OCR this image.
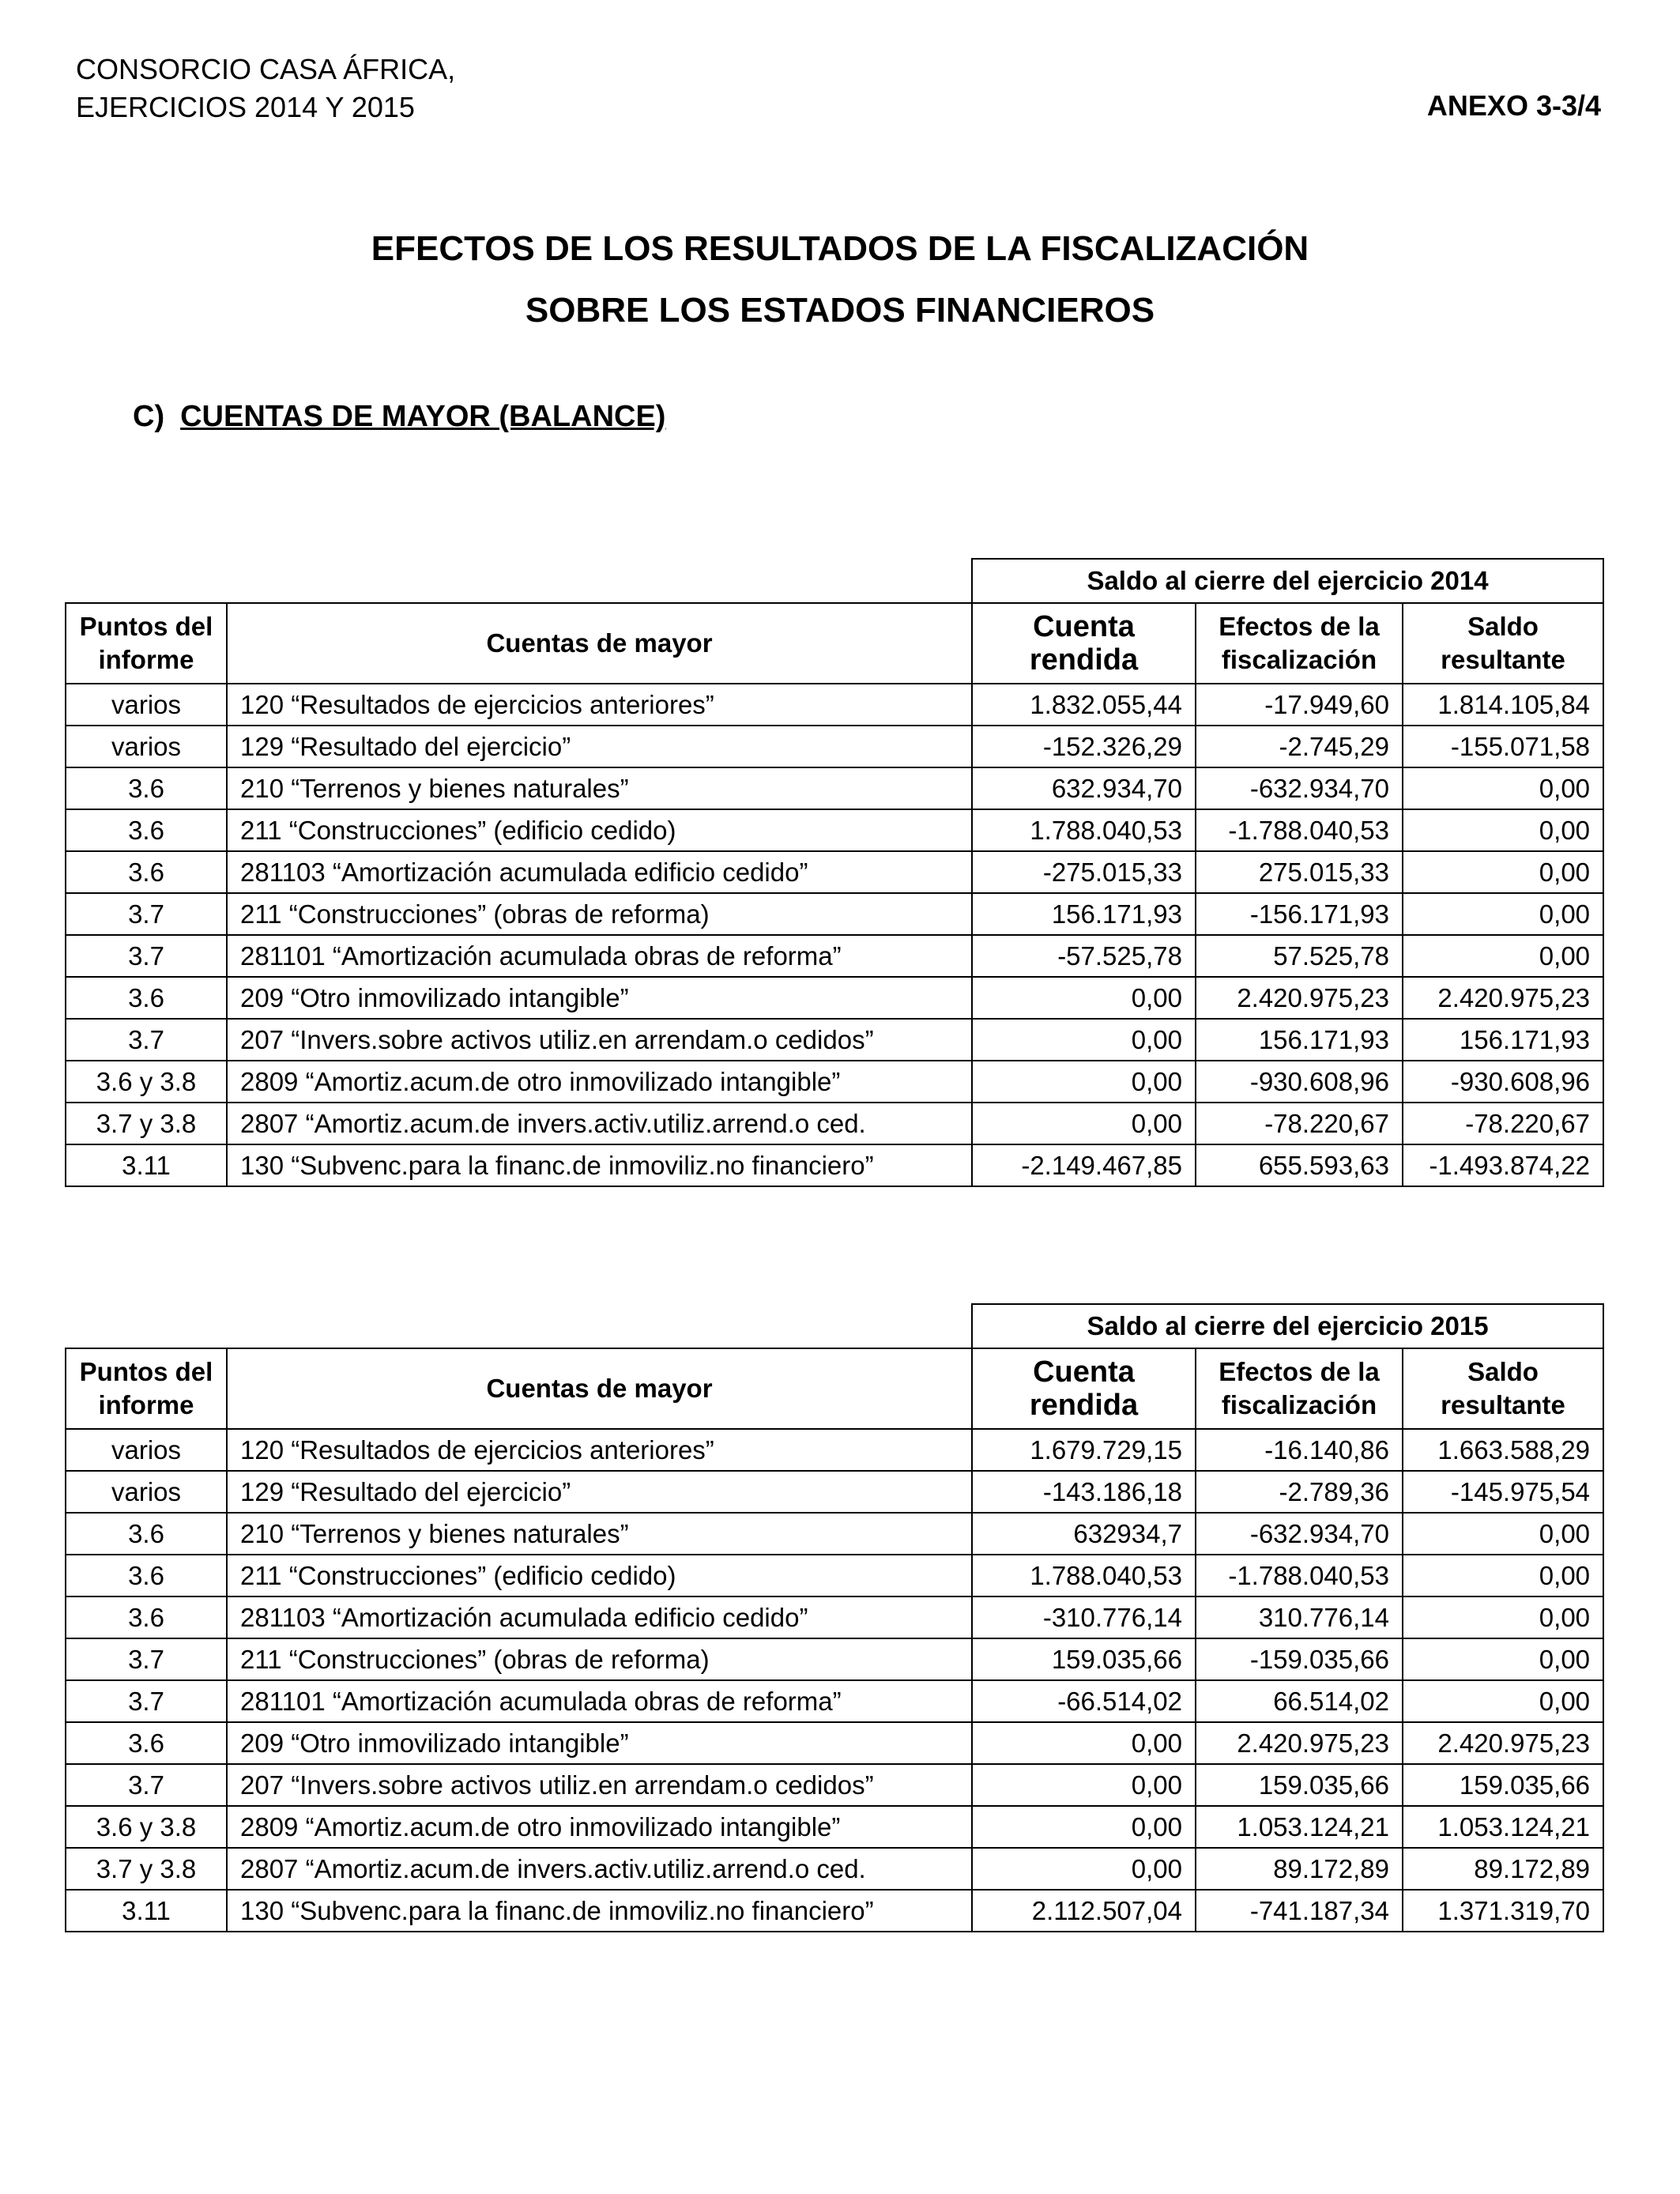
CONSORCIO CASA ÁFRICA,
EJERCICIOS 2014 Y 2015	ANEXO 3-3/4
EFECTOS DE LOS RESULTADOS DE LA FISCALIZACIÓN
SOBRE LOS ESTADOS FINANCIEROS
C) CUENTAS DE MAYOR (BALANCE)
		Saldo al cierre del ejercicio 2014		
Puntos del informe	Cuentas de mayor	Cuenta rendida	Efectos de la fiscalización	Saldo resultante
varios	120 “Resultados de ejercicios anteriores”	1.832.055,44	-17.949,60	1.814.105,84
varios	129 “Resultado del ejercicio”	-152.326,29	-2.745,29	-155.071,58
3.6	210 “Terrenos y bienes naturales”	632.934,70	-632.934,70	0,00
3.6	211 “Construcciones” (edificio cedido)	1.788.040,53	-1.788.040,53	0,00
3.6	281103 “Amortización acumulada edificio cedido”	-275.015,33	275.015,33	0,00
3.7	211 “Construcciones” (obras de reforma)	156.171,93	-156.171,93	0,00
3.7	281101 “Amortización acumulada obras de reforma”	-57.525,78	57.525,78	0,00
3.6	209 “Otro inmovilizado intangible”	0,00	2.420.975,23	2.420.975,23
3.7	207 “Invers.sobre activos utiliz.en arrendam.o cedidos”	0,00	156.171,93	156.171,93
3.6 y 3.8	2809 “Amortiz.acum.de otro inmovilizado intangible”	0,00	-930.608,96	-930.608,96
3.7 y 3.8	2807 “Amortiz.acum.de invers.activ.utiliz.arrend.o ced.	0,00	-78.220,67	-78.220,67
3.11	130 “Subvenc.para la financ.de inmoviliz.no financiero”	-2.149.467,85	655.593,63	-1.493.874,22
		Saldo al cierre del ejercicio 2015		
Puntos del informe	Cuentas de mayor	Cuenta rendida	Efectos de la fiscalización	Saldo resultante
varios	120 “Resultados de ejercicios anteriores”	1.679.729,15	-16.140,86	1.663.588,29
varios	129 “Resultado del ejercicio”	-143.186,18	-2.789,36	-145.975,54
3.6	210 “Terrenos y bienes naturales”	632934,7	-632.934,70	0,00
3.6	211 “Construcciones” (edificio cedido)	1.788.040,53	-1.788.040,53	0,00
3.6	281103 “Amortización acumulada edificio cedido”	-310.776,14	310.776,14	0,00
3.7	211 “Construcciones” (obras de reforma)	159.035,66	-159.035,66	0,00
3.7	281101 “Amortización acumulada obras de reforma”	-66.514,02	66.514,02	0,00
3.6	209 “Otro inmovilizado intangible”	0,00	2.420.975,23	2.420.975,23
3.7	207 “Invers.sobre activos utiliz.en arrendam.o cedidos”	0,00	159.035,66	159.035,66
3.6 y 3.8	2809 “Amortiz.acum.de otro inmovilizado intangible”	0,00	1.053.124,21	1.053.124,21
3.7 y 3.8	2807 “Amortiz.acum.de invers.activ.utiliz.arrend.o ced.	0,00	89.172,89	89.172,89
3.11	130 “Subvenc.para la financ.de inmoviliz.no financiero”	2.112.507,04	-741.187,34	1.371.319,70
